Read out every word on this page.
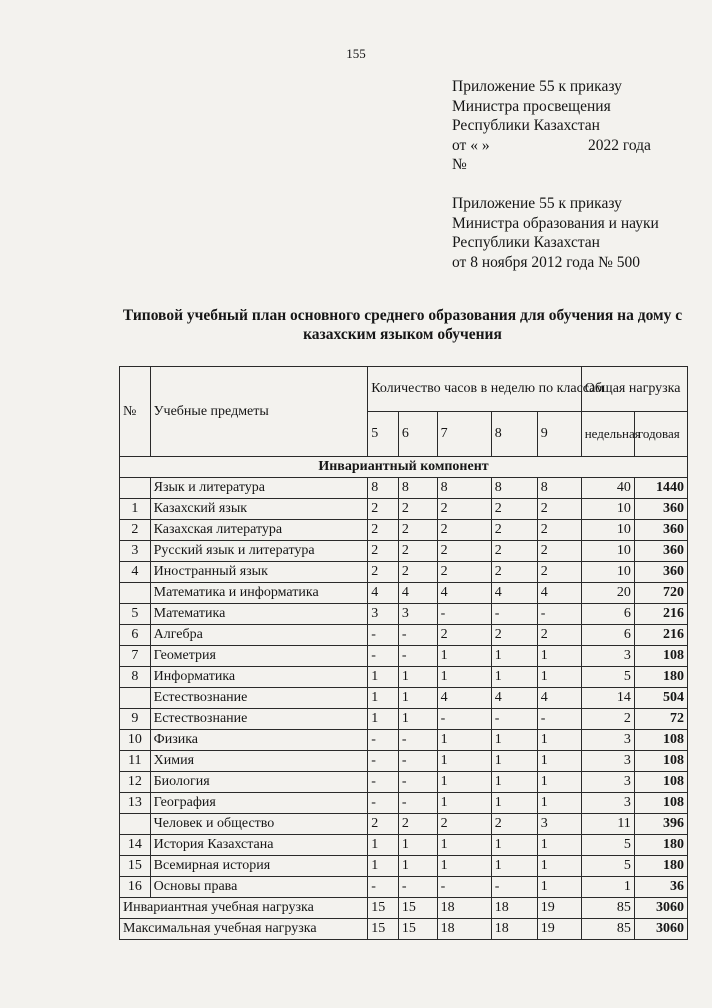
155
Приложение 55 к приказу
Министра просвещения
Республики Казахстан
от « »	2022 года
№
Приложение 55 к приказу
Министра образования и науки
Республики Казахстан
от 8 ноября 2012 года № 500
Типовой учебный план основного среднего образования для обучения на дому с казахским языком обучения
№	Учебные предметы	Количество часов в неделю по классам					Общая нагрузка	
		5	6	7	8	9	недельная	годовая
Инвариантный компонент								
	Язык и литература	8	8	8	8	8	40	1440
1	Казахский язык	2	2	2	2	2	10	360
2	Казахская литература	2	2	2	2	2	10	360
3	Русский язык и литература	2	2	2	2	2	10	360
4	Иностранный язык	2	2	2	2	2	10	360
	Математика и информатика	4	4	4	4	4	20	720
5	Математика	3	3	-	-	-	6	216
6	Алгебра	-	-	2	2	2	6	216
7	Геометрия	-	-	1	1	1	3	108
8	Информатика	1	1	1	1	1	5	180
	Естествознание	1	1	4	4	4	14	504
9	Естествознание	1	1	-	-	-	2	72
10	Физика	-	-	1	1	1	3	108
11	Химия	-	-	1	1	1	3	108
12	Биология	-	-	1	1	1	3	108
13	География	-	-	1	1	1	3	108
	Человек и общество	2	2	2	2	3	11	396
14	История Казахстана	1	1	1	1	1	5	180
15	Всемирная история	1	1	1	1	1	5	180
16	Основы права	-	-	-	-	1	1	36
Инвариантная учебная нагрузка		15	15	18	18	19	85	3060
Максимальная учебная нагрузка		15	15	18	18	19	85	3060
